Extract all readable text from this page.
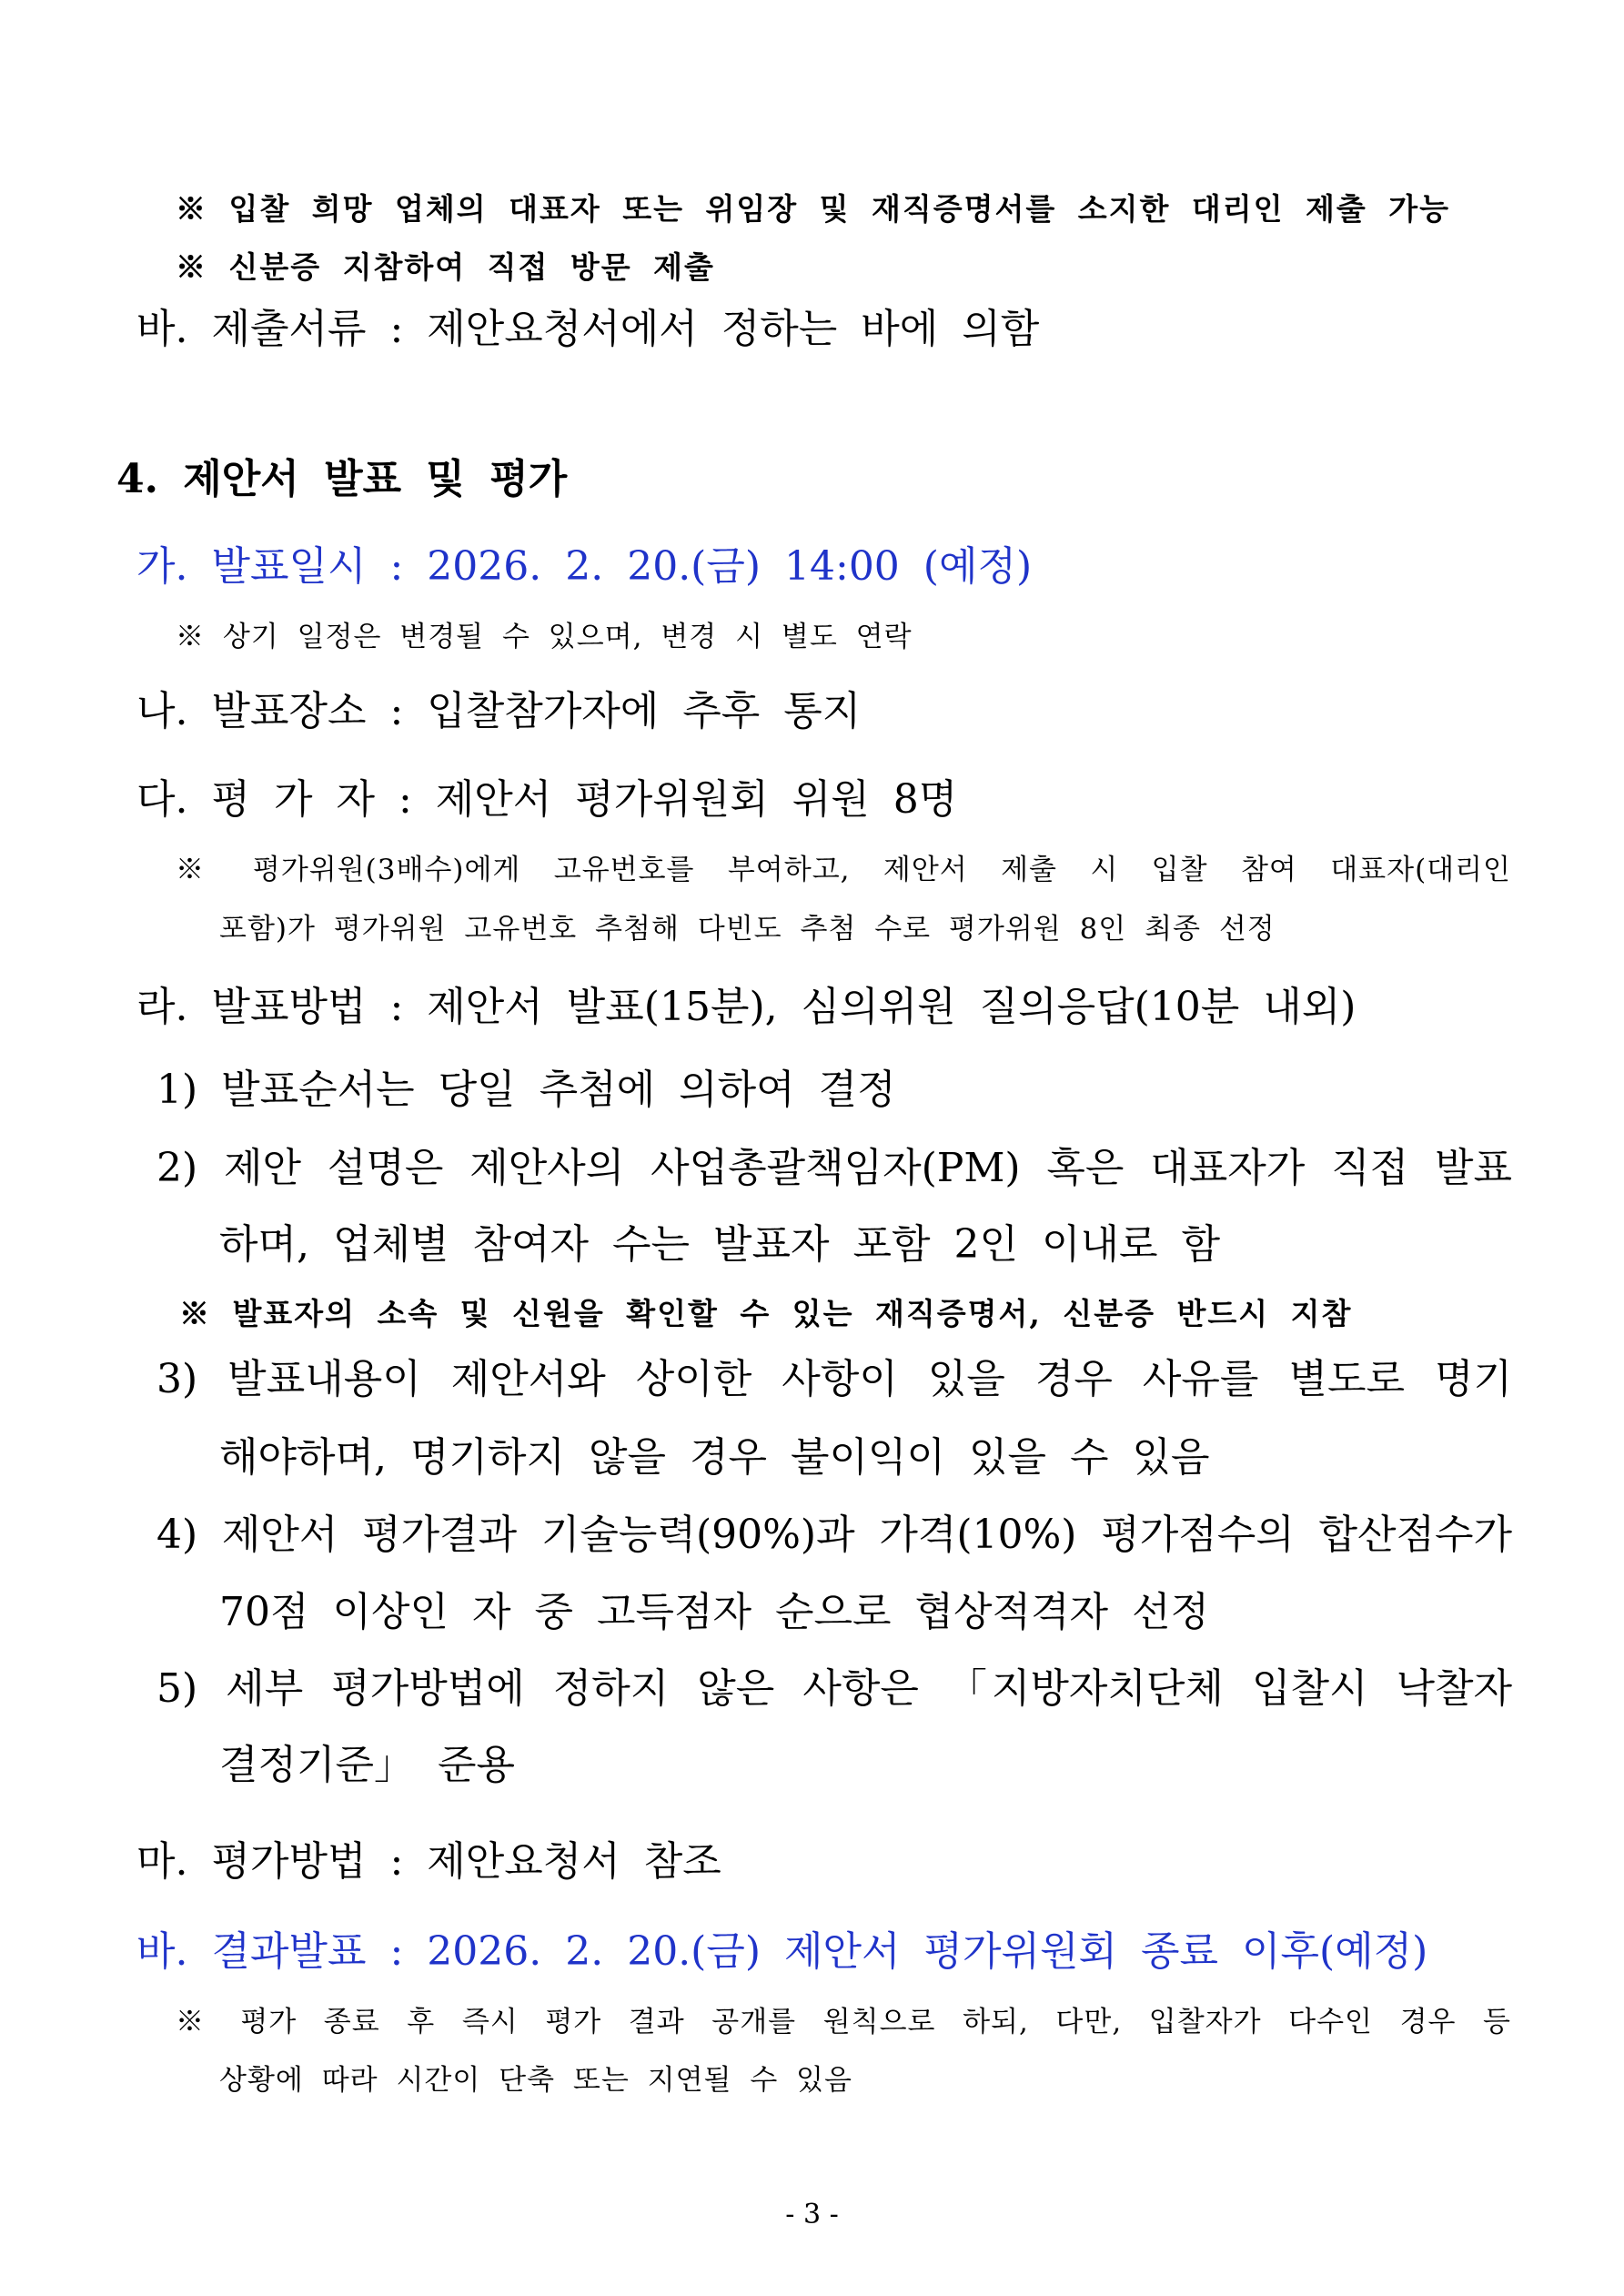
※ 입찰 희망 업체의 대표자 또는 위임장 및 재직증명서를 소지한 대리인 제출 가능
※ 신분증 지참하여 직접 방문 제출
바. 제출서류 : 제안요청서에서 정하는 바에 의함
4. 제안서 발표 및 평가
가. 발표일시 : 2026. 2. 20.(금) 14:00 (예정)
※ 상기 일정은 변경될 수 있으며, 변경 시 별도 연락
나. 발표장소 : 입찰참가자에 추후 통지
다. 평 가 자 : 제안서 평가위원회 위원 8명
※ 평가위원(3배수)에게 고유번호를 부여하고, 제안서 제출 시 입찰 참여 대표자(대리인
포함)가 평가위원 고유번호 추첨해 다빈도 추첨 수로 평가위원 8인 최종 선정
라. 발표방법 : 제안서 발표(15분), 심의위원 질의응답(10분 내외)
1) 발표순서는 당일 추첨에 의하여 결정
2) 제안 설명은 제안사의 사업총괄책임자(PM) 혹은 대표자가 직접 발표
하며, 업체별 참여자 수는 발표자 포함 2인 이내로 함
※ 발표자의 소속 및 신원을 확인할 수 있는 재직증명서, 신분증 반드시 지참
3) 발표내용이 제안서와 상이한 사항이 있을 경우 사유를 별도로 명기
해야하며, 명기하지 않을 경우 불이익이 있을 수 있음
4) 제안서 평가결과 기술능력(90%)과 가격(10%) 평가점수의 합산점수가
70점 이상인 자 중 고득점자 순으로 협상적격자 선정
5) 세부 평가방법에 정하지 않은 사항은 「지방자치단체 입찰시 낙찰자
결정기준」 준용
마. 평가방법 : 제안요청서 참조
바. 결과발표 : 2026. 2. 20.(금) 제안서 평가위원회 종료 이후(예정)
※ 평가 종료 후 즉시 평가 결과 공개를 원칙으로 하되, 다만, 입찰자가 다수인 경우 등
상황에 따라 시간이 단축 또는 지연될 수 있음
- 3 -
